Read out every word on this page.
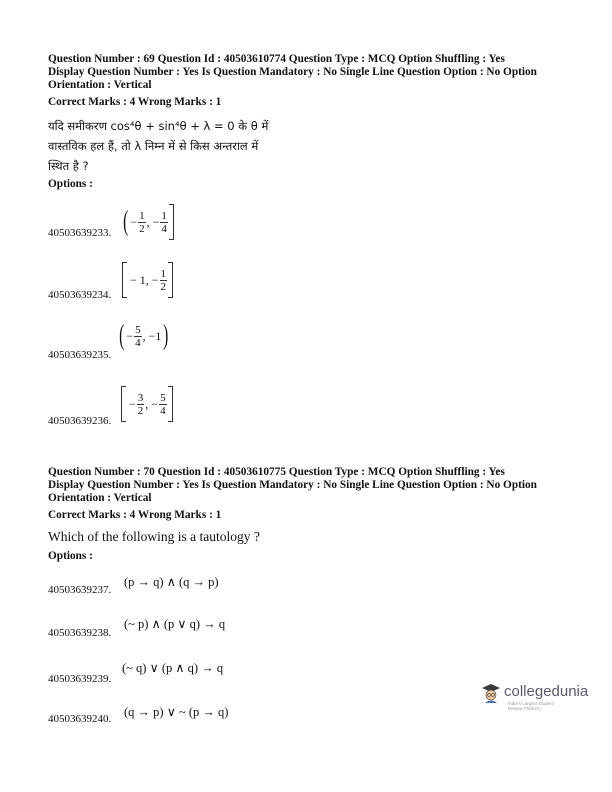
Question Number : 69 Question Id : 40503610774 Question Type : MCQ Option Shuffling : Yes
Display Question Number : Yes Is Question Mandatory : No Single Line Question Option : No Option
Orientation : Vertical
Correct Marks : 4 Wrong Marks : 1
यदि समीकरण cos⁴θ + sin⁴θ + λ = 0 के θ में
वास्तविक हल हैं, तो λ निम्न में से किस अन्तराल में
स्थित है ?
Options :
40503639233. ( − $\frac{1}{2}$ , − $\frac{1}{4}$
40503639234.
− 1, − $\frac{1}{2}$
40503639235.
( − $\frac{5}{4}$ , −1 )
40503639236.
− $\frac{3}{2}$ , − $\frac{5}{4}$
Question Number : 70 Question Id : 40503610775 Question Type : MCQ Option Shuffling : Yes
Display Question Number : Yes Is Question Mandatory : No Single Line Question Option : No Option
Orientation : Vertical
Correct Marks : 4 Wrong Marks : 1
Which of the following is a tautology ?
Options :
40503639237.
(p → q) ∧ (q → p)
40503639238.
(~ p) ∧ (p ∨ q) → q
40503639239.
(~ q) ∨ (p ∧ q) → q
40503639240. (q → p) ∨ ~ (p → q)
collegedunia
India's Largest Student Review Platform
